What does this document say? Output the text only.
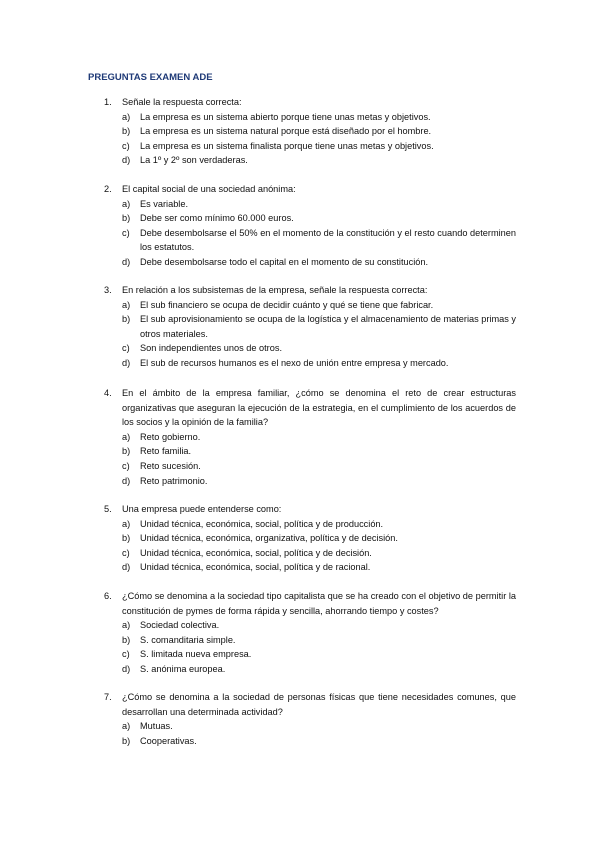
PREGUNTAS EXAMEN ADE
1.	Señale la respuesta correcta:
a)	La empresa es un sistema abierto porque tiene unas metas y objetivos.
b)	La empresa es un sistema natural porque está diseñado por el hombre.
c)	La empresa es un sistema finalista porque tiene unas metas y objetivos.
d)	La 1º y 2º son verdaderas.
2.	El capital social de una sociedad anónima:
a)	Es variable.
b)	Debe ser como mínimo 60.000 euros.
c)	Debe desembolsarse el 50% en el momento de la constitución y el resto cuando determinen los estatutos.
d)	Debe desembolsarse todo el capital en el momento de su constitución.
3.	En relación a los subsistemas de la empresa, señale la respuesta correcta:
a)	El sub financiero se ocupa de decidir cuánto y qué se tiene que fabricar.
b)	El sub aprovisionamiento se ocupa de la logística y el almacenamiento de materias primas y otros materiales.
c)	Son independientes unos de otros.
d)	El sub de recursos humanos es el nexo de unión entre empresa y mercado.
4.	En el ámbito de la empresa familiar, ¿cómo se denomina el reto de crear estructuras organizativas que aseguran la ejecución de la estrategia, en el cumplimiento de los acuerdos de los socios y la opinión de la familia?
a)	Reto gobierno.
b)	Reto familia.
c)	Reto sucesión.
d)	Reto patrimonio.
5.	Una empresa puede entenderse como:
a)	Unidad técnica, económica, social, política y de producción.
b)	Unidad técnica, económica, organizativa, política y de decisión.
c)	Unidad técnica, económica, social, política y de decisión.
d)	Unidad técnica, económica, social, política y de racional.
6.	¿Cómo se denomina a la sociedad tipo capitalista que se ha creado con el objetivo de permitir la constitución de pymes de forma rápida y sencilla, ahorrando tiempo y costes?
a)	Sociedad colectiva.
b)	S. comanditaria simple.
c)	S. limitada nueva empresa.
d)	S. anónima europea.
7.	¿Cómo se denomina a la sociedad de personas físicas que tiene necesidades comunes, que desarrollan una determinada actividad?
a)	Mutuas.
b)	Cooperativas.
